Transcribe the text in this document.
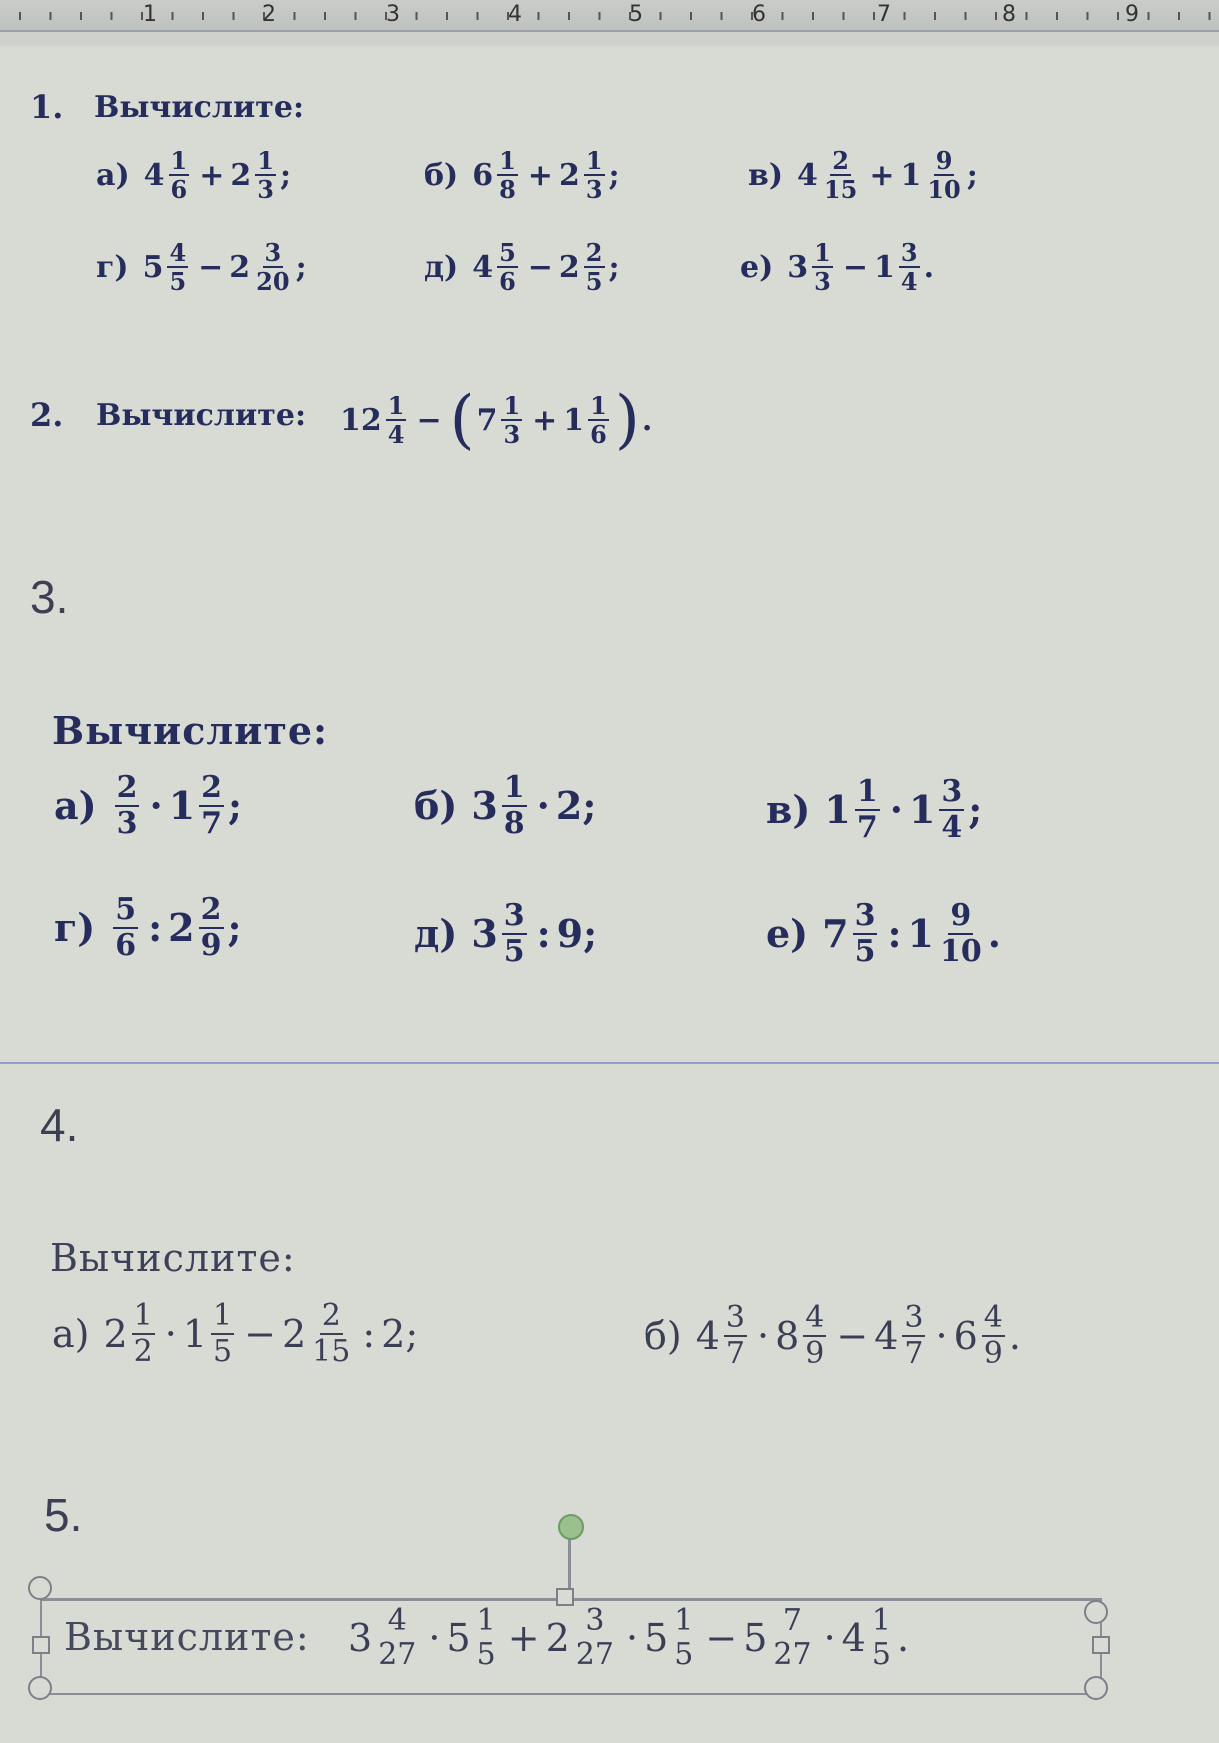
1	2	3	4	5	6	7	8	9
1. Вычислите:
а) $4 \frac{1}{6} + 2 \frac{1}{3}$ ;	б) $6 \frac{1}{8} + 2 \frac{1}{3}$ ;	в) $4 \frac{2}{15} + 1 \frac{9}{10}$ ;
г) $5 \frac{4}{5} - 2 \frac{3}{20}$ ;	д) $4 \frac{5}{6} - 2 \frac{2}{5}$ ;	е) $3 \frac{1}{3} - 1 \frac{3}{4}$ .
2. Вычислите: $12 \frac{1}{4}$ − ( $7 \frac{1}{3} + 1 \frac{1}{6}$ ) .
3.
Вычислите:
$а) \frac{2}{3} \cdot 1 \frac{2}{7}$ ;	б) $3 \frac{1}{8} \cdot 2$ ;	в) $1 \frac{1}{7} \cdot 1 \frac{3}{4}$ ;
$г) \frac{5}{6}$ : $2 \frac{2}{9}$ ;	д) $3 \frac{3}{5}$ : 9 ;	е) $7 \frac{3}{5}$ : $1 \frac{9}{10}$ .
4.
Вычислите:
а) $2 \frac{1}{2} \cdot 1 \frac{1}{5} - 2 \frac{2}{15}$ : 2 ;	б) $4 \frac{3}{7} \cdot 8 \frac{4}{9} - 4 \frac{3}{7} \cdot 6 \frac{4}{9}$ .
5.
Вычислите: 3 4
27 · 5 1
5 + 2 3
27 · 5 1
5 − 5 7
27 · 4 1
5 .
